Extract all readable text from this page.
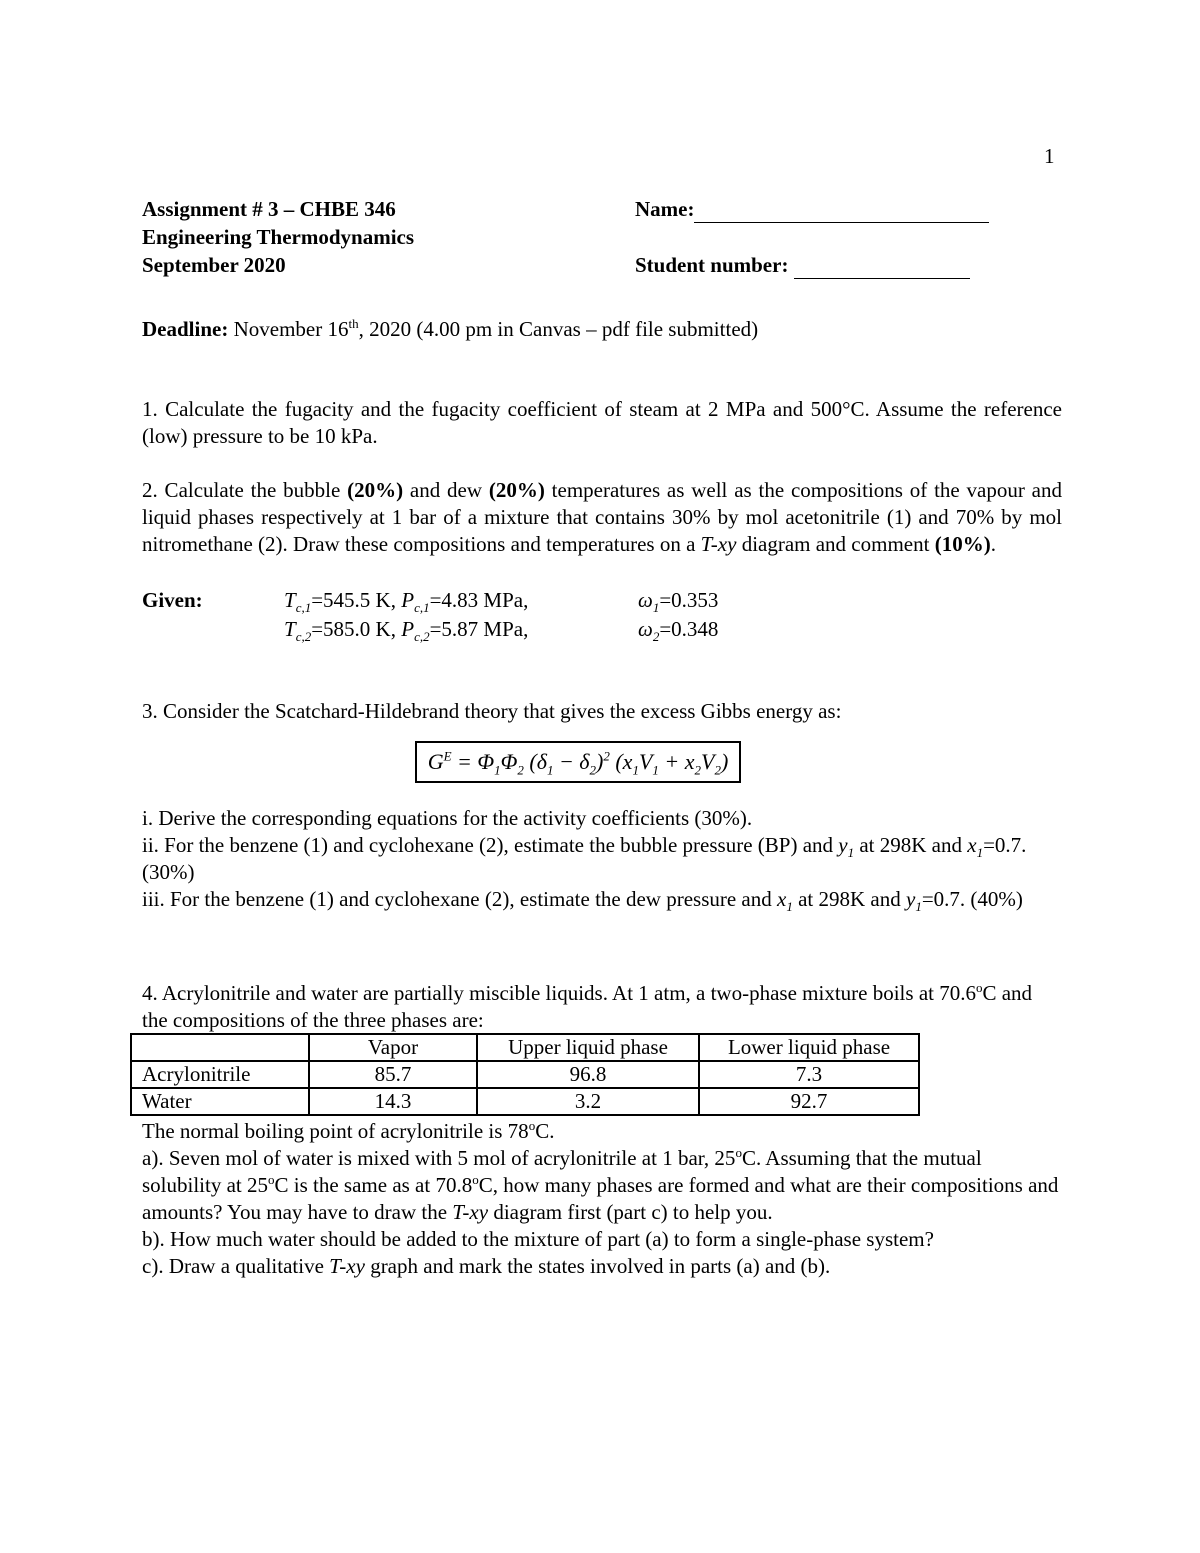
1
Assignment # 3 – CHBE 346
Engineering Thermodynamics
September 2020
Name:
Student number:
Deadline: November 16th, 2020 (4.00 pm in Canvas – pdf file submitted)
1. Calculate the fugacity and the fugacity coefficient of steam at 2 MPa and 500°C. Assume the reference (low) pressure to be 10 kPa.
2. Calculate the bubble (20%) and dew (20%) temperatures as well as the compositions of the vapour and liquid phases respectively at 1 bar of a mixture that contains 30% by mol acetonitrile (1) and 70% by mol nitromethane (2). Draw these compositions and temperatures on a T-xy diagram and comment (10%).
Given:	$T_{c,1}=545.5$ K, $P_{c,1}=4.83$ MPa,	$\omega_1=0.353$
$T_{c,2}=585.0$ K, $P_{c,2}=5.87$ MPa,	$\omega_2=0.348$
3. Consider the Scatchard-Hildebrand theory that gives the excess Gibbs energy as:
$G^E = \Phi_1\Phi_2$ $(\delta_1 - \delta_2)^2$ $(x_1V_1 + x_2V_2)$
i. Derive the corresponding equations for the activity coefficients (30%).
ii. For the benzene (1) and cyclohexane (2), estimate the bubble pressure (BP) and $y_1$ at 298K and $x_1=0.7$. (30%)
iii. For the benzene (1) and cyclohexane (2), estimate the dew pressure and $x_1$ at 298K and $y_1=0.7$. (40%)
4. Acrylonitrile and water are partially miscible liquids. At 1 atm, a two-phase mixture boils at 70.6$^o$C and the compositions of the three phases are:
	Vapor	Upper liquid phase	Lower liquid phase
Acrylonitrile	85.7	96.8	7.3
Water	14.3	3.2	92.7
The normal boiling point of acrylonitrile is 78$^o$C.
a). Seven mol of water is mixed with 5 mol of acrylonitrile at 1 bar, 25$^o$C. Assuming that the mutual solubility at 25$^o$C is the same as at 70.8$^o$C, how many phases are formed and what are their compositions and amounts? You may have to draw the T-xy diagram first (part c) to help you.
b). How much water should be added to the mixture of part (a) to form a single-phase system?
c). Draw a qualitative T-xy graph and mark the states involved in parts (a) and (b).
